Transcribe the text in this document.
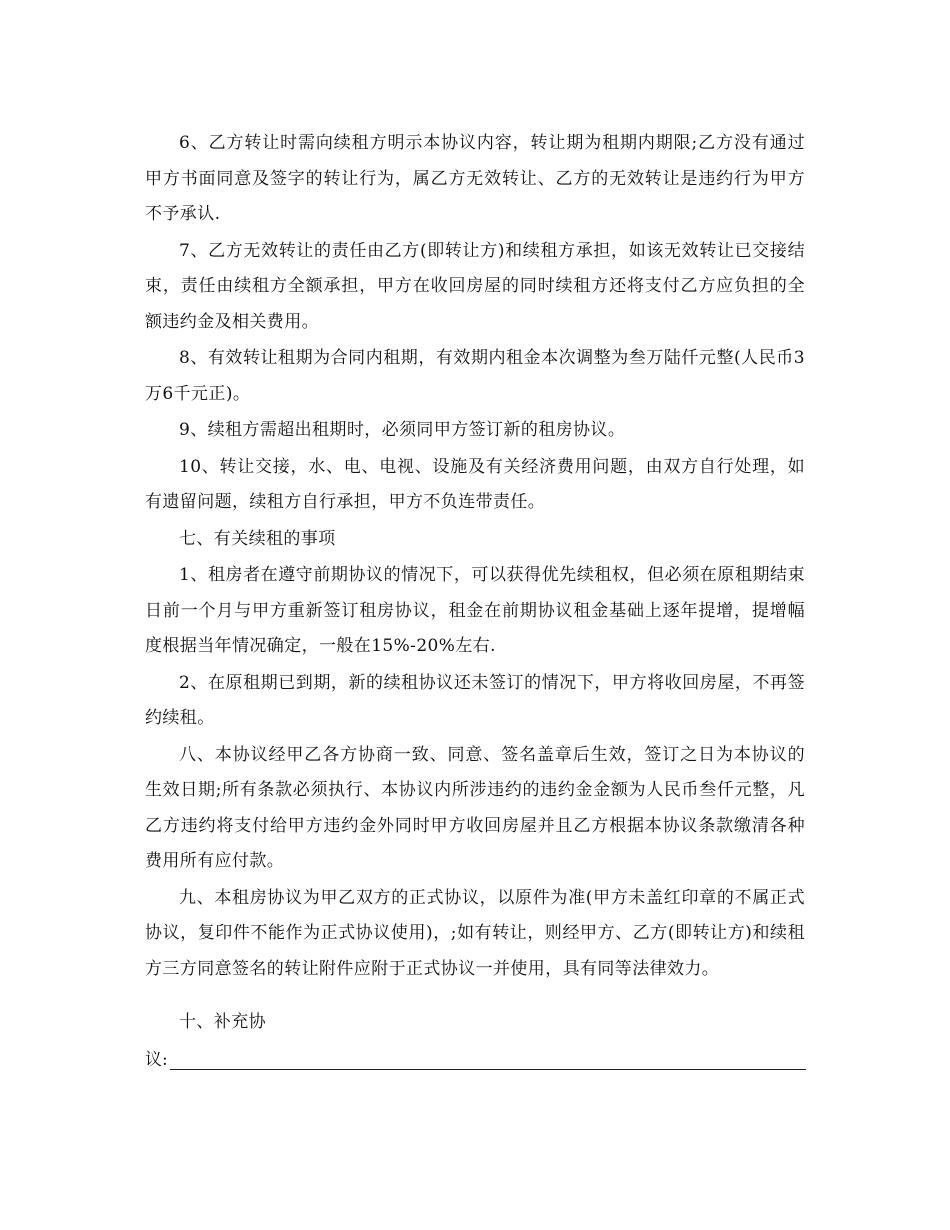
6、乙方转让时需向续租方明示本协议内容，转让期为租期内期限;乙方没有通过甲方书面同意及签字的转让行为，属乙方无效转让、乙方的无效转让是违约行为甲方不予承认.

7、乙方无效转让的责任由乙方(即转让方)和续租方承担，如该无效转让已交接结束，责任由续租方全额承担，甲方在收回房屋的同时续租方还将支付乙方应负担的全额违约金及相关费用。

8、有效转让租期为合同内租期，有效期内租金本次调整为叁万陆仟元整(人民币3万6千元正)。

9、续租方需超出租期时，必须同甲方签订新的租房协议。

10、转让交接，水、电、电视、设施及有关经济费用问题，由双方自行处理，如有遗留问题，续租方自行承担，甲方不负连带责任。

七、有关续租的事项

1、租房者在遵守前期协议的情况下，可以获得优先续租权，但必须在原租期结束日前一个月与甲方重新签订租房协议，租金在前期协议租金基础上逐年提增，提增幅度根据当年情况确定，一般在15%-20%左右.

2、在原租期已到期，新的续租协议还未签订的情况下，甲方将收回房屋，不再签约续租。

八、本协议经甲乙各方协商一致、同意、签名盖章后生效，签订之日为本协议的生效日期;所有条款必须执行、本协议内所涉违约的违约金金额为人民币叁仟元整，凡乙方违约将支付给甲方违约金外同时甲方收回房屋并且乙方根据本协议条款缴清各种费用所有应付款。

九、本租房协议为甲乙双方的正式协议，以原件为准(甲方未盖红印章的不属正式协议，复印件不能作为正式协议使用)，;如有转让，则经甲方、乙方(即转让方)和续租方三方同意签名的转让附件应附于正式协议一并使用，具有同等法律效力。

十、补充协

议:
